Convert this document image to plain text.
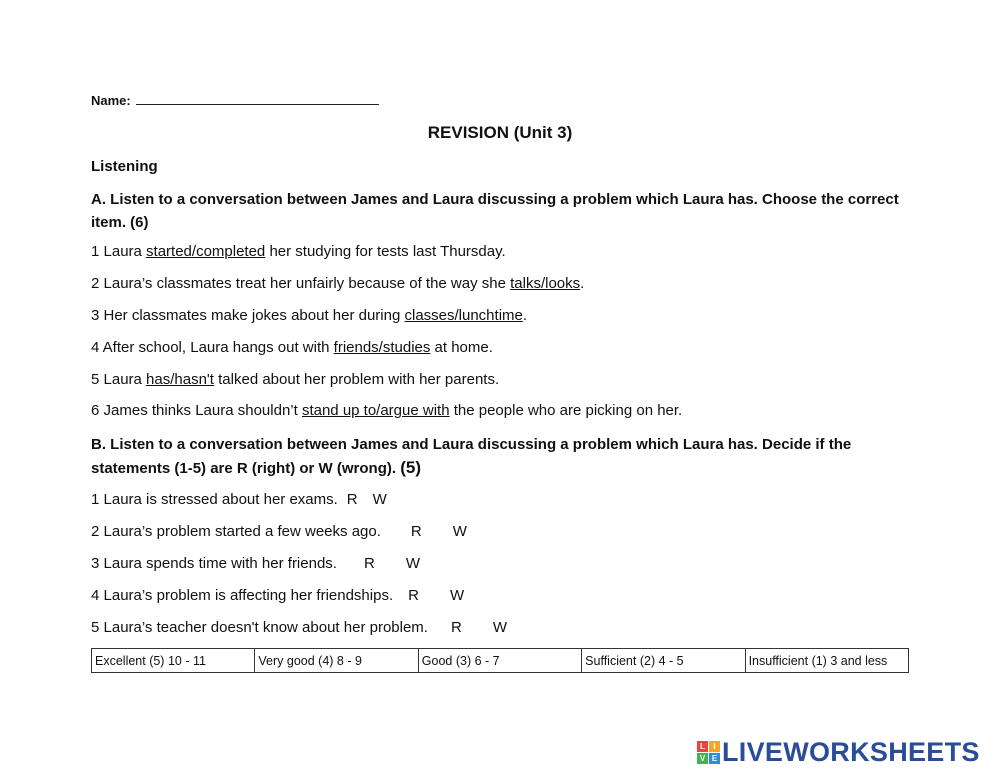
Name:
REVISION (Unit 3)
Listening
A. Listen to a conversation between James and Laura discussing a problem which Laura has. Choose the correct item. (6)
1 Laura started/completed her studying for tests last Thursday.
2 Laura’s classmates treat her unfairly because of the way she talks/looks.
3 Her classmates make jokes about her during classes/lunchtime.
4 After school, Laura hangs out with friends/studies at home.
5 Laura has/hasn't talked about her problem with her parents.
6 James thinks Laura shouldn’t stand up to/argue with the people who are picking on her.
B. Listen to a conversation between James and Laura discussing a problem which Laura has. Decide if the statements (1-5) are R (right) or W (wrong). (5)
1 Laura is stressed about her exams. R W
2 Laura’s problem started a few weeks ago. R W
3 Laura spends time with her friends. R W
4 Laura’s problem is affecting her friendships. R W
5 Laura’s teacher doesn't know about her problem. R W
Excellent (5) 10 - 11	Very good (4) 8 - 9	Good (3) 6 - 7	Sufficient (2) 4 - 5	Insufficient (1) 3 and less
L	I
V E LIVEWORKSHEETS
